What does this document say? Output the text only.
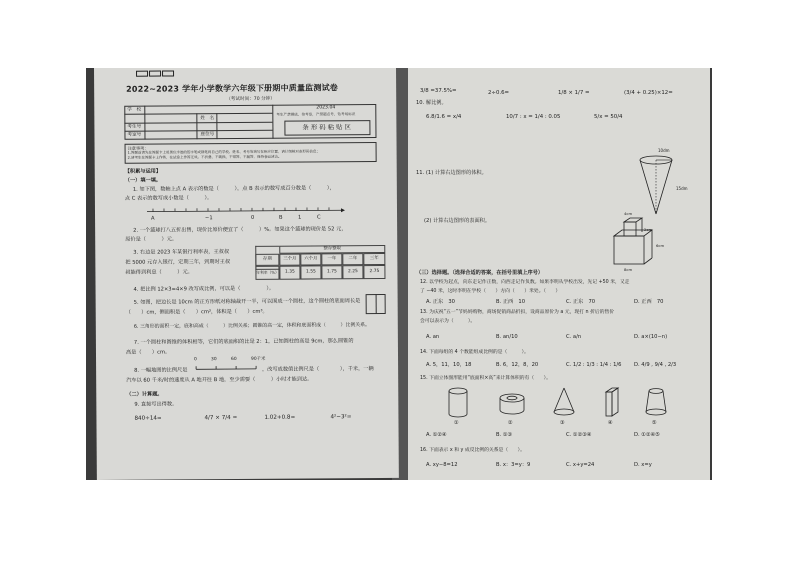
2022~2023 学年小学数学六年级下册期中质量监测试卷
（考试时间：70 分钟）
学　校
姓　名
考生号
考室号	座位号
2023.04
考生严禁摸底、拍考卷，严禁超点号、钻考场标识
条 形 码 粘 贴 区
注意事项：
1.答题前请先在答题卡上用黑色字迹的签字笔或钢笔将自己的学校、姓名、考号等填写在相应位置，请仔细核对条形码信息；
2.请考生在答题卡上作答，在试卷上作答无效。不折叠、不破损、不错答、不漏答，保持卷面清洁。
【积累与运用】
（一）填一填。
1. 如下图，数轴上点 A 表示的数是（　　　），点 B 表示的数写成百分数是（　　　），
点 C 表示的数写成小数是（　　　）。
A	−1	0	B	1	C
2. 一个篮球打八五折出售，现价比原价便宜了（　　　）%。如果这个篮球的现价是 52 元，
原价是（　　　）元。
3. 右边是 2023 年某银行利率表，王叔叔
把 5000 元存入银行，定期三年，到期时王叔
叔能得到利息（　　　）元。
整存整取
存期	三个月	六个月	一年	二年	三年
年利率（%）	1.35	1.55	1.75	2.25	2.75
4. 把比例 12×3=4×9 改写成比例，可以是（　　　　　）。
5. 如图，把边长是 10cm 的正方形纸对称轴裁开一半，可以围成一个圆柱，这个圆柱的底面周长是
（　　）cm，侧面积是（　　）cm²，体积是（　　）cm³。
6. 三角形的面积一定，底和高成（　　　）比例关系；圆锥的高一定，体积和底面积成（　　　）比例关系。
7. 一个圆柱和圆锥的体积相等，它们的底面积的比是 2：1，已知圆柱的高是 9cm，那么圆锥的
高是（　　）cm。
8. 一幅地图的比例尺是
0	30	60	90千米
，改写成数值比例尺是（　　　　），千米，一辆
汽车以 60 千米/时的速度从 A 地开往 B 地，至少需要（　　　）小时才能到达。
（二）计算题。
9. 直接写出得数。
840÷14=	4/7 × 7/4 =	1.02+0.8=	4²−3²=
3/8 =37.5%=	2÷0.6=	1/8 × 1/7 =	(3/4 + 0.25)×12=
10. 解比例。
6.8/1.6 = x/4	10/7 : x = 1/4 : 0.05	5/x = 50/4
11. (1) 计算右边图形的体积。
10dm
15dm
(2) 计算右边图形的表面积。
4cm
2cm
6cm
8cm
（三）选择题。（选择合适的答案，在括号里填上序号）
12. 以学校为起点，向东走记作正数，向西走记作负数。如果李明从学校出发，先记 +50 米，又走
了 −40 米，这时李明在学校（　　）方向（　　）米处。（　　）
A. 正东　30	B. 正西　10	C. 正东　70	D. 正西　70
13. 为庆祝“五一”节妈妈购物，商场促销商品折扣，设商品原价为 a 元，现打 n 折后的售价
会可以表示为（　　　）。
A. an	B. an/10	C. a/n	D. a×(10−n)
14. 下面每组的 4 个数能组成比例的是（　　　）。
A. 5，11，10，18	B. 6，12，8，20	C. 1/2 : 1/3 : 1/4 : 1/6 D. 4/9 , 9/4 , 2/3
15. 下面立体图形能用“底面积×高”来计算体积的有（　　）。
①	②	③	④	⑤
A. ①②④	B. ①③	C. ①②③④	D. ①②④⑤
16. 下面表示 x 和 y 成反比例的关系是（　　）。
A. xy−8=12	B. x：3=y：9	C. x+y=24	D. x=y
